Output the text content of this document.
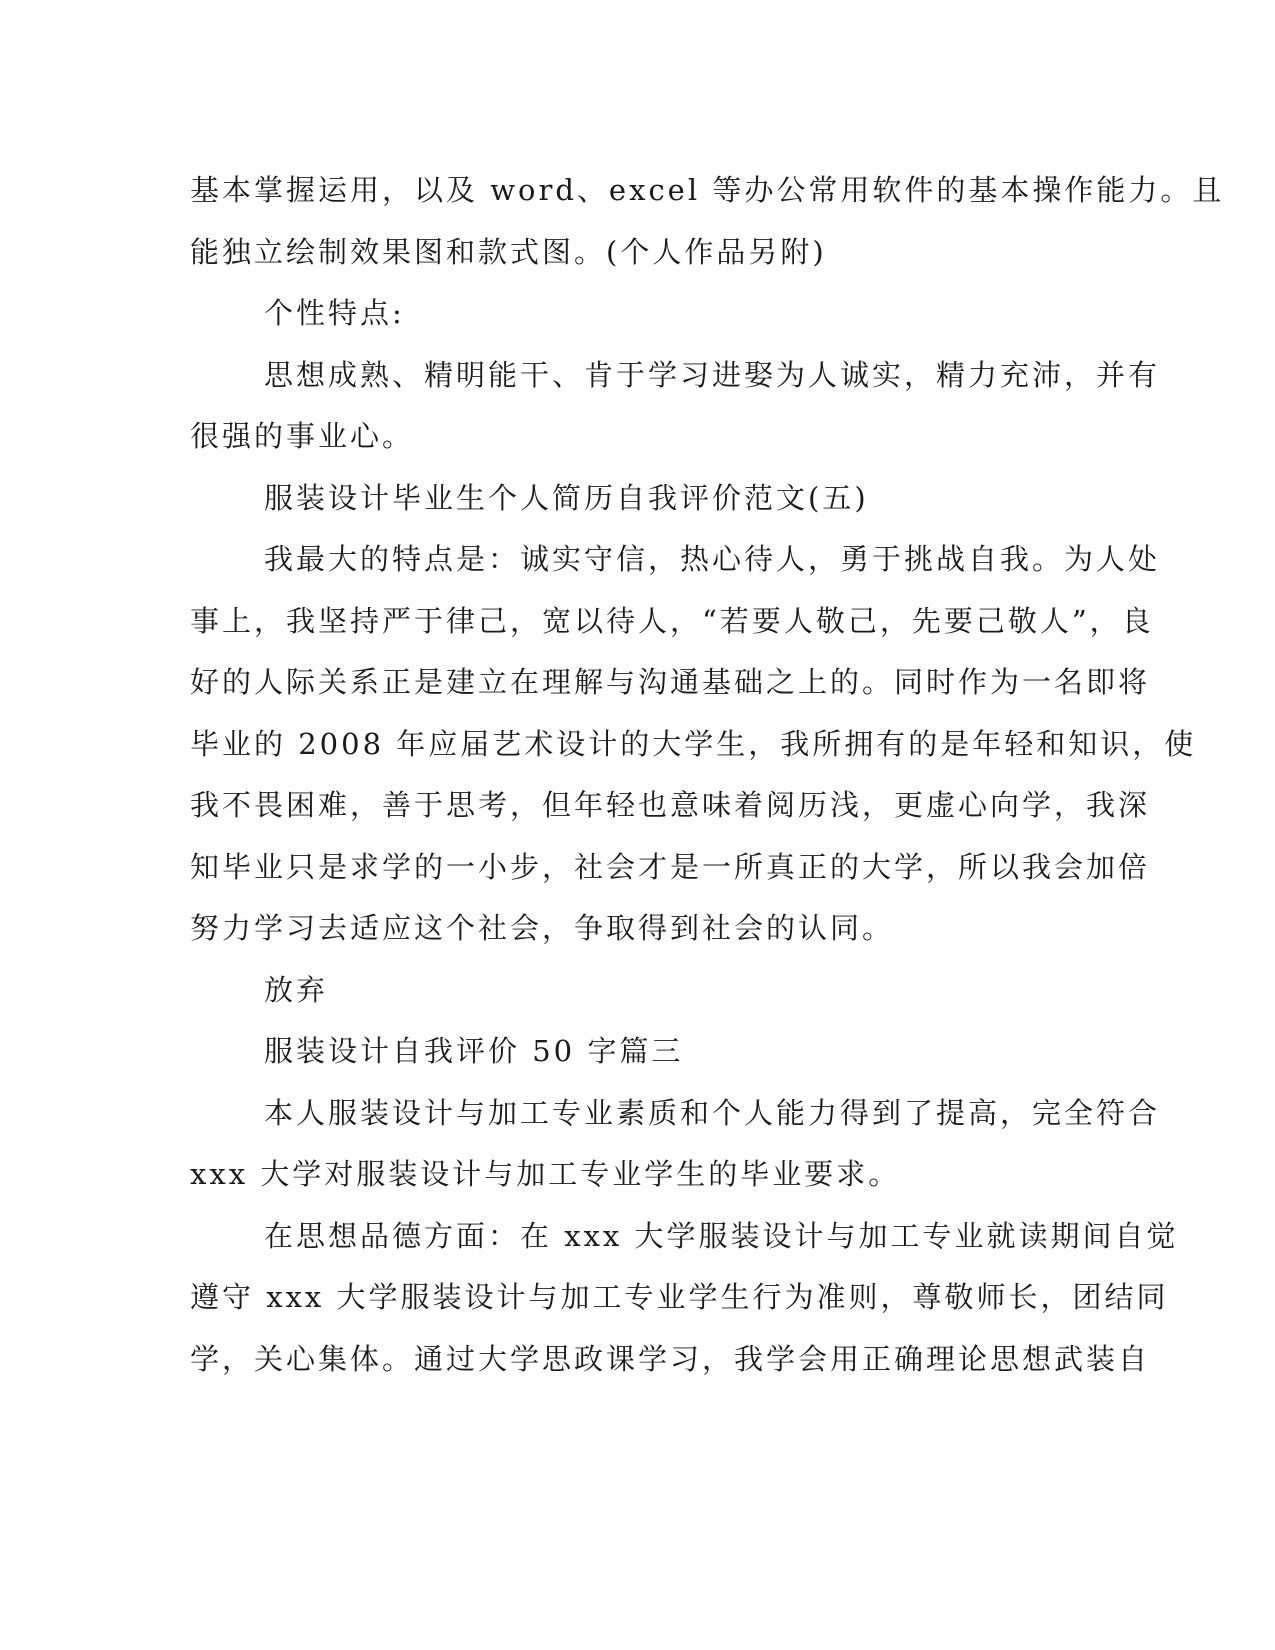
基本掌握运用，以及 word、excel 等办公常用软件的基本操作能力。且
能独立绘制效果图和款式图。(个人作品另附)
个性特点:
思想成熟、精明能干、肯于学习进娶为人诚实，精力充沛，并有
很强的事业心。
服装设计毕业生个人简历自我评价范文(五)
我最大的特点是：诚实守信，热心待人，勇于挑战自我。为人处
事上，我坚持严于律己，宽以待人，“若要人敬己，先要己敬人”，良
好的人际关系正是建立在理解与沟通基础之上的。同时作为一名即将
毕业的 2008 年应届艺术设计的大学生，我所拥有的是年轻和知识，使
我不畏困难，善于思考，但年轻也意味着阅历浅，更虚心向学，我深
知毕业只是求学的一小步，社会才是一所真正的大学，所以我会加倍
努力学习去适应这个社会，争取得到社会的认同。
放弃
服装设计自我评价 50 字篇三
本人服装设计与加工专业素质和个人能力得到了提高，完全符合
xxx 大学对服装设计与加工专业学生的毕业要求。
在思想品德方面：在 xxx 大学服装设计与加工专业就读期间自觉
遵守 xxx 大学服装设计与加工专业学生行为准则，尊敬师长，团结同
学，关心集体。通过大学思政课学习，我学会用正确理论思想武装自
